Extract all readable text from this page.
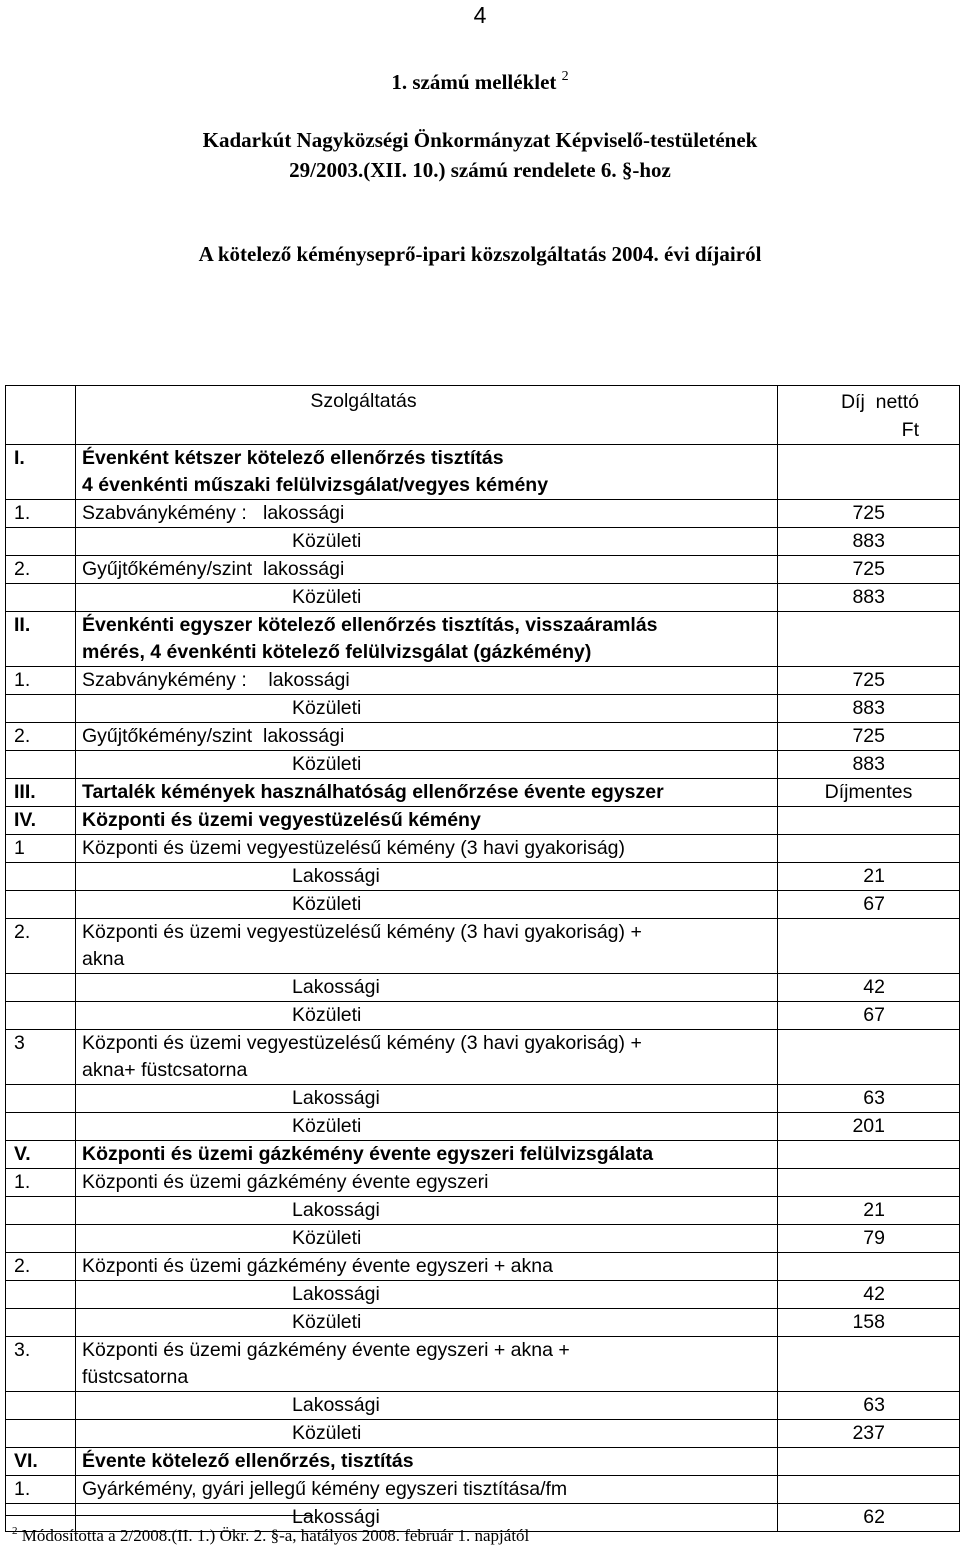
4
1. számú melléklet $^2$
Kadarkút Nagyközségi Önkormányzat Képviselő-testületének
29/2003.(XII. 10.) számú rendelete 6. §-hoz
A kötelező kéményseprő-ipari közszolgáltatás 2004. évi díjairól
	Szolgáltatás	Díj  nettó
Ft

I.	Évenként kétszer kötelező ellenőrzés tisztítás
4 évenkénti műszaki felülvizsgálat/vegyes kémény	
1.	Szabványkémény :   lakossági	725
	Közületi	883
2.	Gyűjtőkémény/szint  lakossági	725
	Közületi	883
II.	Évenkénti egyszer kötelező ellenőrzés tisztítás, visszaáramlás
mérés, 4 évenkénti kötelező felülvizsgálat (gázkémény)	
1.	Szabványkémény :    lakossági	725
	Közületi	883
2.	Gyűjtőkémény/szint  lakossági	725
	Közületi	883
III.	Tartalék kémények használhatóság ellenőrzése évente egyszer	Díjmentes
IV.	Központi és üzemi vegyestüzelésű kémény	
1	Központi és üzemi vegyestüzelésű kémény (3 havi gyakoriság)	
	Lakossági	21
	Közületi	67
2.	Központi és üzemi vegyestüzelésű kémény (3 havi gyakoriság) +
akna	
	Lakossági	42
	Közületi	67
3	Központi és üzemi vegyestüzelésű kémény (3 havi gyakoriság) +
akna+ füstcsatorna	
	Lakossági	63
	Közületi	201
V.	Központi és üzemi gázkémény évente egyszeri felülvizsgálata	
1.	Központi és üzemi gázkémény évente egyszeri	
	Lakossági	21
	Közületi	79
2.	Központi és üzemi gázkémény évente egyszeri + akna	
	Lakossági	42
	Közületi	158
3.	Központi és üzemi gázkémény évente egyszeri + akna +
füstcsatorna	
	Lakossági	63
	Közületi	237
VI.	Évente kötelező ellenőrzés, tisztítás	
1.	Gyárkémény, gyári jellegű kémény egyszeri tisztítása/fm	
	Lakossági	62
$^2$ Módosította a 2/2008.(II. 1.) Ökr. 2. §-a, hatályos 2008. február 1. napjától
